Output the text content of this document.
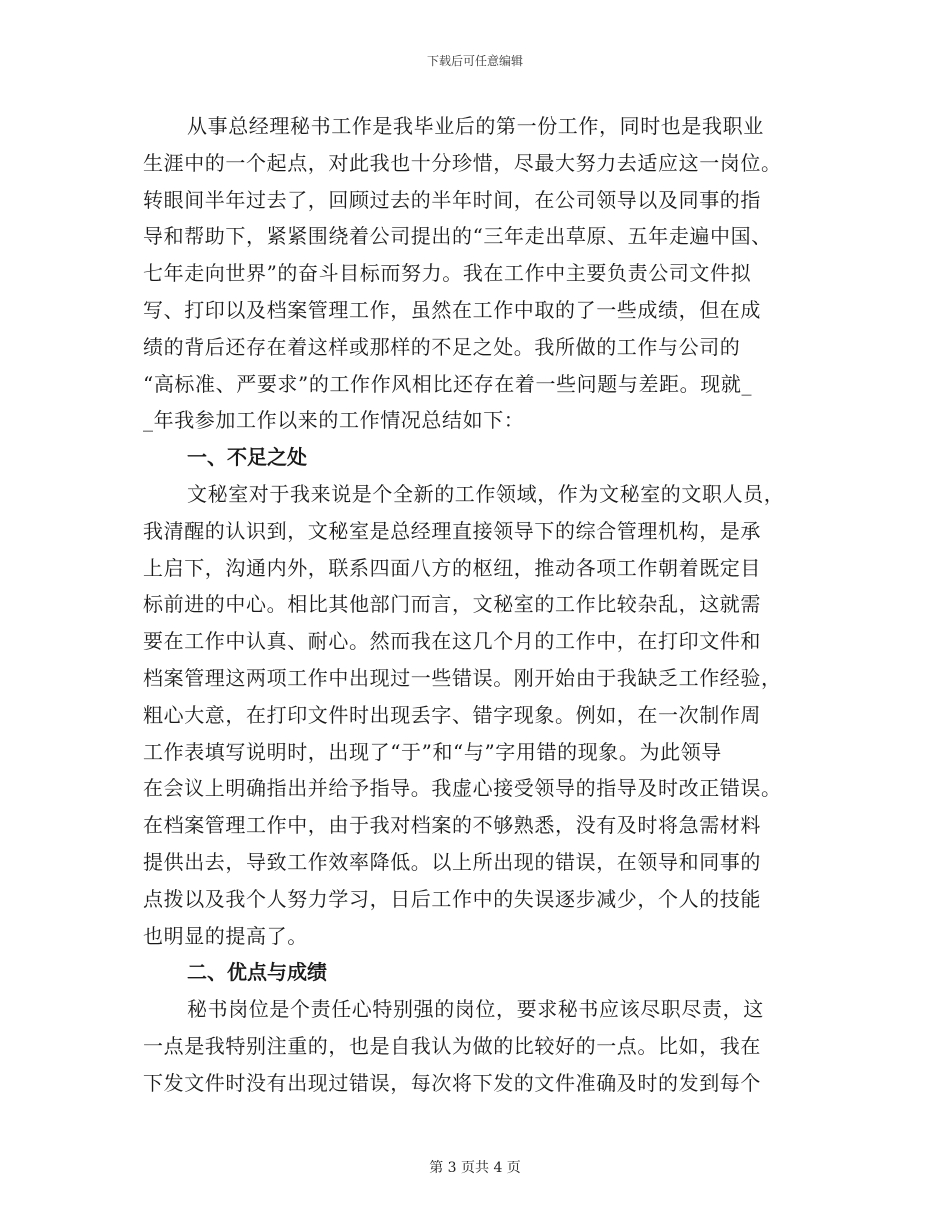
下载后可任意编辑
从事总经理秘书工作是我毕业后的第一份工作，同时也是我职业
生涯中的一个起点，对此我也十分珍惜，尽最大努力去适应这一岗位。
转眼间半年过去了，回顾过去的半年时间，在公司领导以及同事的指
导和帮助下，紧紧围绕着公司提出的“三年走出草原、五年走遍中国、
七年走向世界”的奋斗目标而努力。我在工作中主要负责公司文件拟
写、打印以及档案管理工作，虽然在工作中取的了一些成绩，但在成
绩的背后还存在着这样或那样的不足之处。我所做的工作与公司的
“高标准、严要求”的工作作风相比还存在着一些问题与差距。现就_
_年我参加工作以来的工作情况总结如下：
一、不足之处
文秘室对于我来说是个全新的工作领域，作为文秘室的文职人员，
我清醒的认识到，文秘室是总经理直接领导下的综合管理机构，是承
上启下，沟通内外，联系四面八方的枢纽，推动各项工作朝着既定目
标前进的中心。相比其他部门而言，文秘室的工作比较杂乱，这就需
要在工作中认真、耐心。然而我在这几个月的工作中，在打印文件和
档案管理这两项工作中出现过一些错误。刚开始由于我缺乏工作经验，
粗心大意，在打印文件时出现丢字、错字现象。例如，在一次制作周
工作表填写说明时，出现了“于”和“与”字用错的现象。为此领导
在会议上明确指出并给予指导。我虚心接受领导的指导及时改正错误。
在档案管理工作中，由于我对档案的不够熟悉，没有及时将急需材料
提供出去，导致工作效率降低。以上所出现的错误，在领导和同事的
点拨以及我个人努力学习，日后工作中的失误逐步减少，个人的技能
也明显的提高了。
二、优点与成绩
秘书岗位是个责任心特别强的岗位，要求秘书应该尽职尽责，这
一点是我特别注重的，也是自我认为做的比较好的一点。比如，我在
下发文件时没有出现过错误，每次将下发的文件准确及时的发到每个
第 3 页共 4 页
